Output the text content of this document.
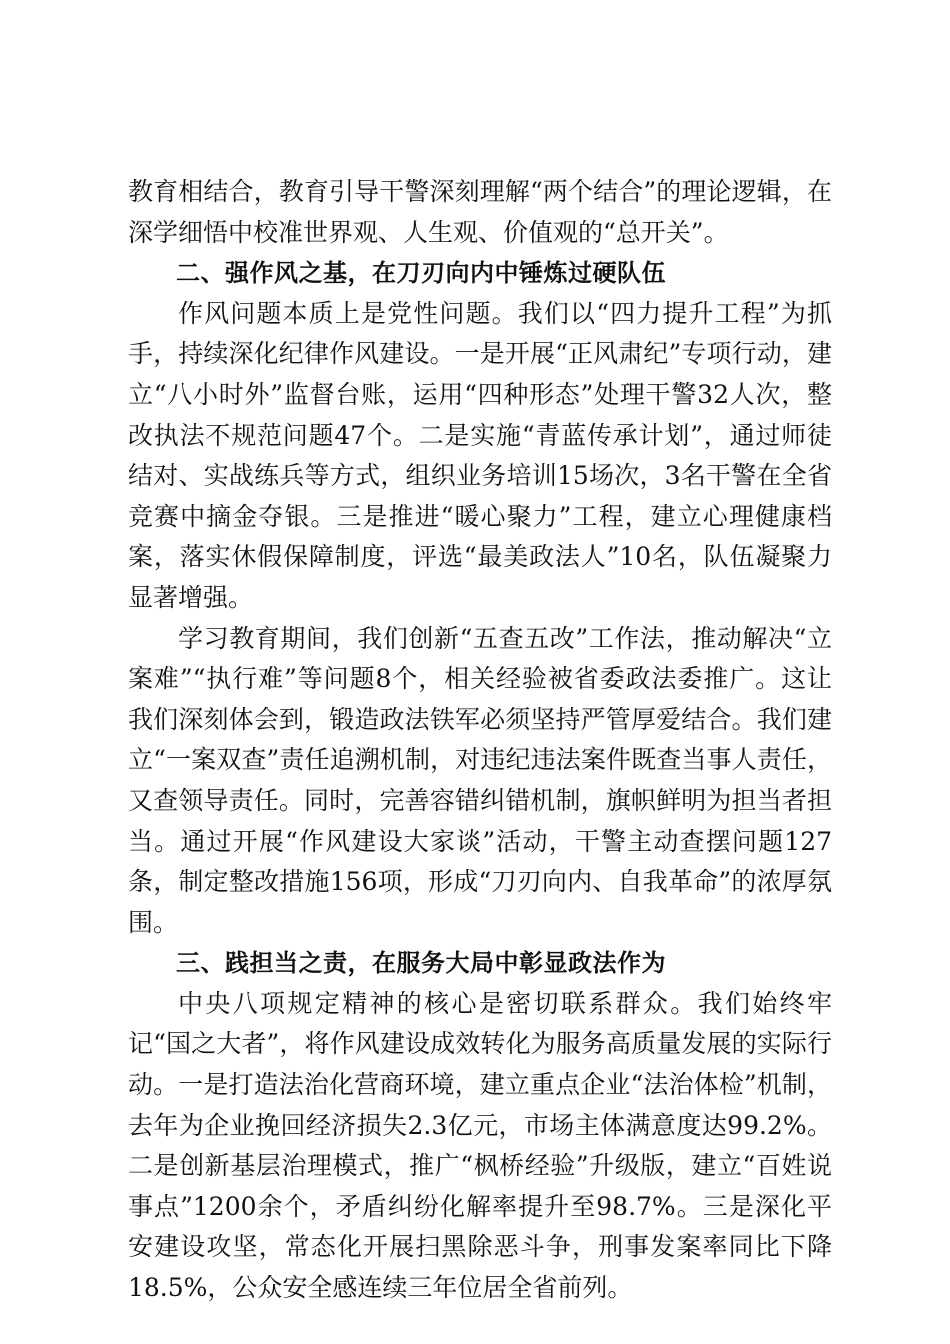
教育相结合，教育引导干警深刻理解“两个结合”的理论逻辑，在深学细悟中校准世界观、人生观、价值观的“总开关”。

二、强作风之基，在刀刃向内中锤炼过硬队伍

作风问题本质上是党性问题。我们以“四力提升工程”为抓手，持续深化纪律作风建设。一是开展“正风肃纪”专项行动，建立“八小时外”监督台账，运用“四种形态”处理干警32人次，整改执法不规范问题47个。二是实施“青蓝传承计划”，通过师徒结对、实战练兵等方式，组织业务培训15场次，3名干警在全省竞赛中摘金夺银。三是推进“暖心聚力”工程，建立心理健康档案，落实休假保障制度，评选“最美政法人”10名，队伍凝聚力显著增强。

学习教育期间，我们创新“五查五改”工作法，推动解决“立案难”“执行难”等问题8个，相关经验被省委政法委推广。这让我们深刻体会到，锻造政法铁军必须坚持严管厚爱结合。我们建立“一案双查”责任追溯机制，对违纪违法案件既查当事人责任，又查领导责任。同时，完善容错纠错机制，旗帜鲜明为担当者担当。通过开展“作风建设大家谈”活动，干警主动查摆问题127条，制定整改措施156项，形成“刀刃向内、自我革命”的浓厚氛围。

三、践担当之责，在服务大局中彰显政法作为

中央八项规定精神的核心是密切联系群众。我们始终牢记“国之大者”，将作风建设成效转化为服务高质量发展的实际行动。一是打造法治化营商环境，建立重点企业“法治体检”机制，去年为企业挽回经济损失2.3亿元，市场主体满意度达99.2%。二是创新基层治理模式，推广“枫桥经验”升级版，建立“百姓说事点”1200余个，矛盾纠纷化解率提升至98.7%。三是深化平安建设攻坚，常态化开展扫黑除恶斗争，刑事发案率同比下降18.5%，公众安全感连续三年位居全省前列。
